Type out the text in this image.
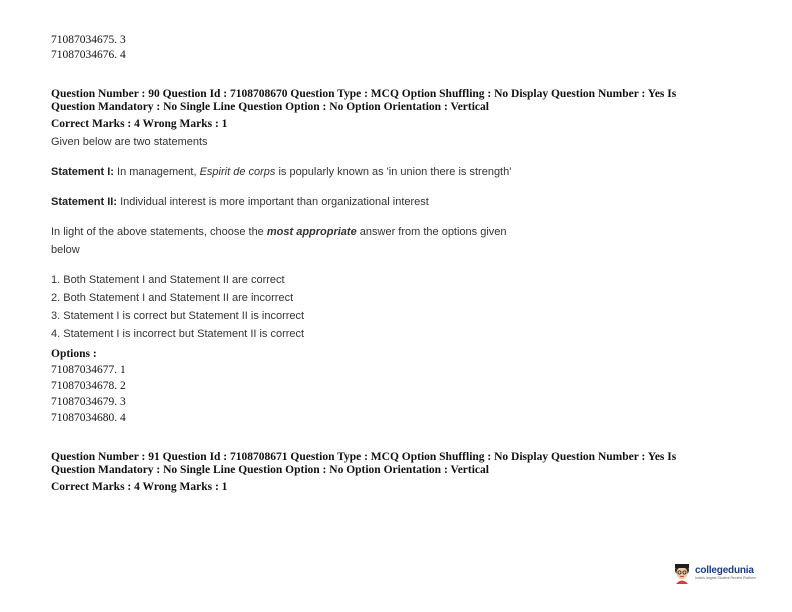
71087034675. 3
71087034676. 4
Question Number : 90 Question Id : 7108708670 Question Type : MCQ Option Shuffling : No Display Question Number : Yes Is
Question Mandatory : No Single Line Question Option : No Option Orientation : Vertical
Correct Marks : 4 Wrong Marks : 1
Given below are two statements
Statement I: In management, Espirit de corps is popularly known as 'in union there is strength'
Statement II: Individual interest is more important than organizational interest
In light of the above statements, choose the most appropriate answer from the options given
below
1. Both Statement I and Statement II are correct
2. Both Statement I and Statement II are incorrect
3. Statement I is correct but Statement II is incorrect
4. Statement I is incorrect but Statement II is correct
Options :
71087034677. 1
71087034678. 2
71087034679. 3
71087034680. 4
Question Number : 91 Question Id : 7108708671 Question Type : MCQ Option Shuffling : No Display Question Number : Yes Is
Question Mandatory : No Single Line Question Option : No Option Orientation : Vertical
Correct Marks : 4 Wrong Marks : 1
collegedunia
India's largest Student Review Platform
